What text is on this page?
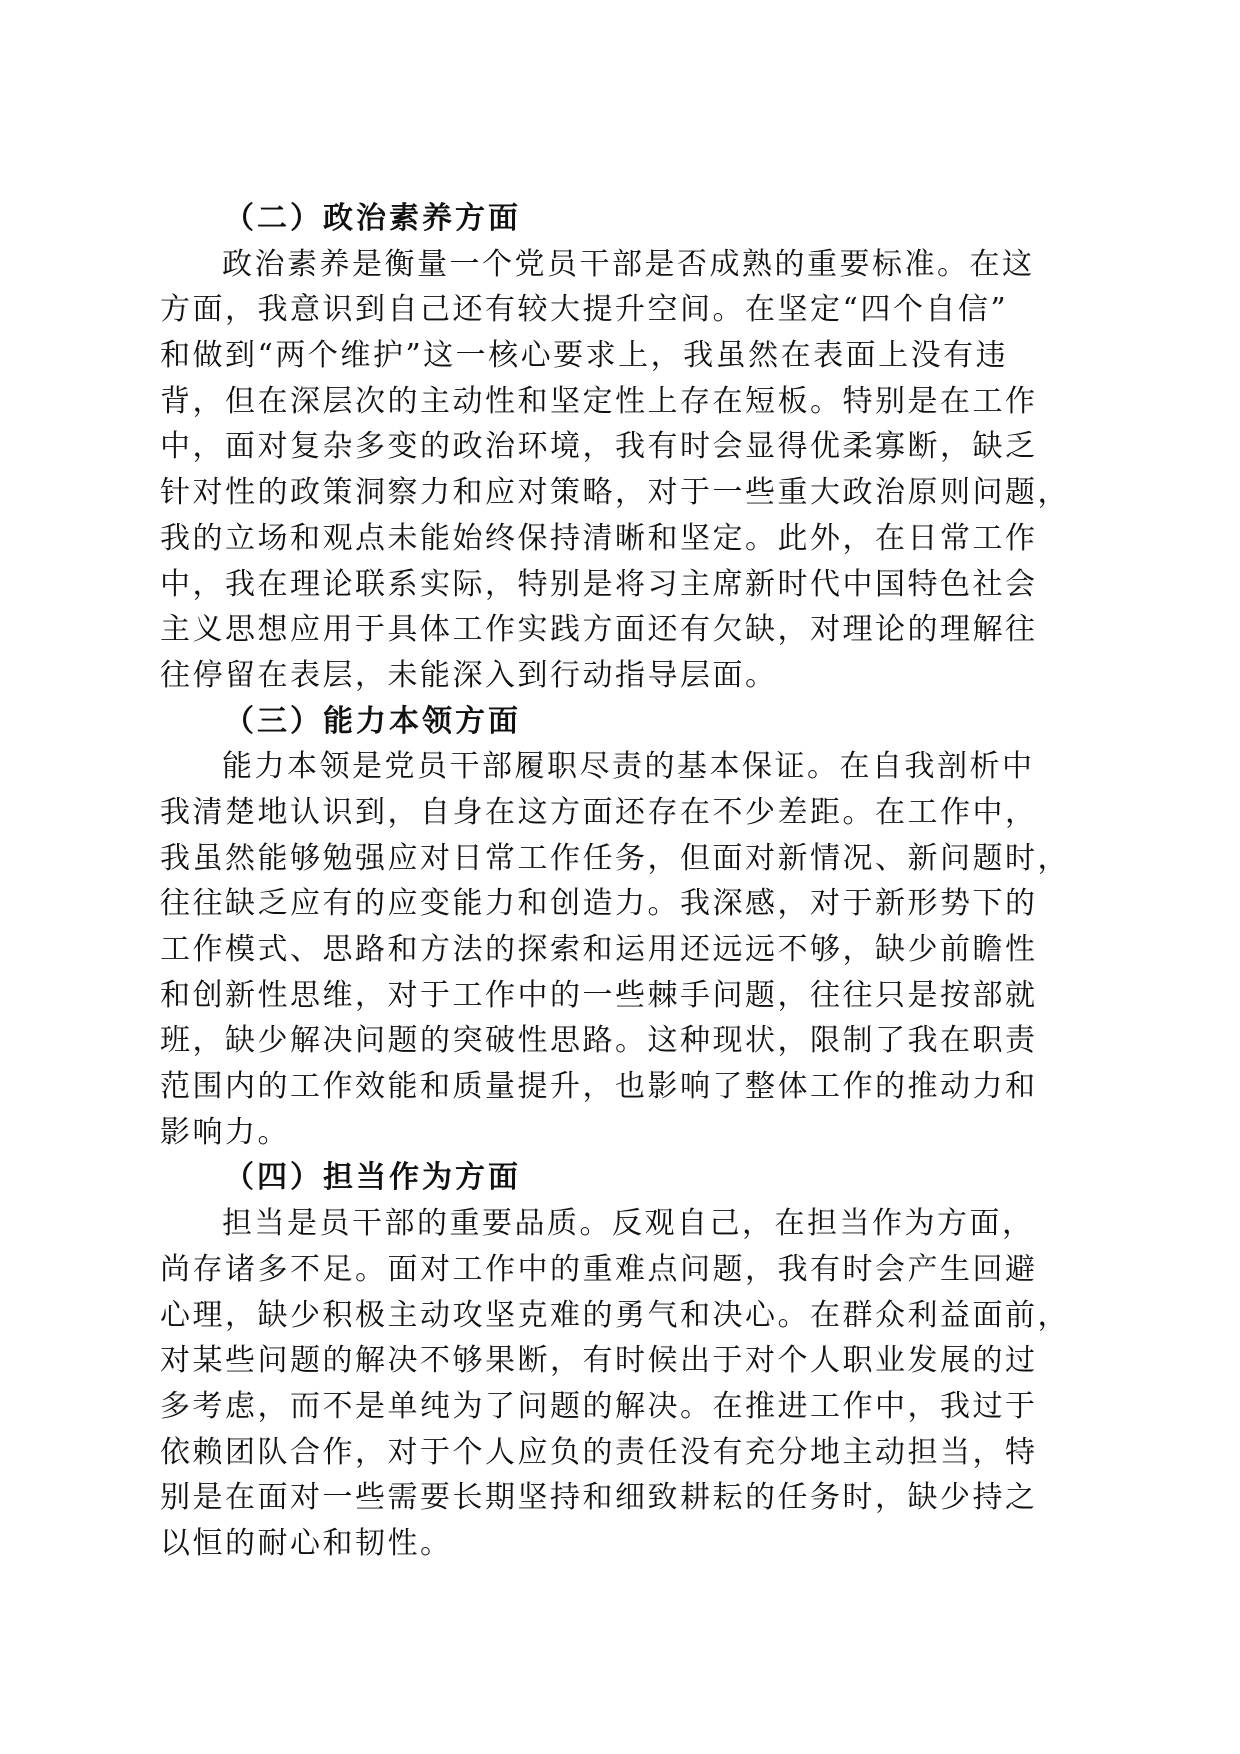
（二）政治素养方面
政治素养是衡量一个党员干部是否成熟的重要标准。在这
方面，我意识到自己还有较大提升空间。在坚定“四个自信”
和做到“两个维护”这一核心要求上，我虽然在表面上没有违
背，但在深层次的主动性和坚定性上存在短板。特别是在工作
中，面对复杂多变的政治环境，我有时会显得优柔寡断，缺乏
针对性的政策洞察力和应对策略，对于一些重大政治原则问题，
我的立场和观点未能始终保持清晰和坚定。此外，在日常工作
中，我在理论联系实际，特别是将习主席新时代中国特色社会
主义思想应用于具体工作实践方面还有欠缺，对理论的理解往
往停留在表层，未能深入到行动指导层面。
（三）能力本领方面
能力本领是党员干部履职尽责的基本保证。在自我剖析中
我清楚地认识到，自身在这方面还存在不少差距。在工作中，
我虽然能够勉强应对日常工作任务，但面对新情况、新问题时，
往往缺乏应有的应变能力和创造力。我深感，对于新形势下的
工作模式、思路和方法的探索和运用还远远不够，缺少前瞻性
和创新性思维，对于工作中的一些棘手问题，往往只是按部就
班，缺少解决问题的突破性思路。这种现状，限制了我在职责
范围内的工作效能和质量提升，也影响了整体工作的推动力和
影响力。
（四）担当作为方面
担当是员干部的重要品质。反观自己，在担当作为方面，
尚存诸多不足。面对工作中的重难点问题，我有时会产生回避
心理，缺少积极主动攻坚克难的勇气和决心。在群众利益面前，
对某些问题的解决不够果断，有时候出于对个人职业发展的过
多考虑，而不是单纯为了问题的解决。在推进工作中，我过于
依赖团队合作，对于个人应负的责任没有充分地主动担当，特
别是在面对一些需要长期坚持和细致耕耘的任务时，缺少持之
以恒的耐心和韧性。
